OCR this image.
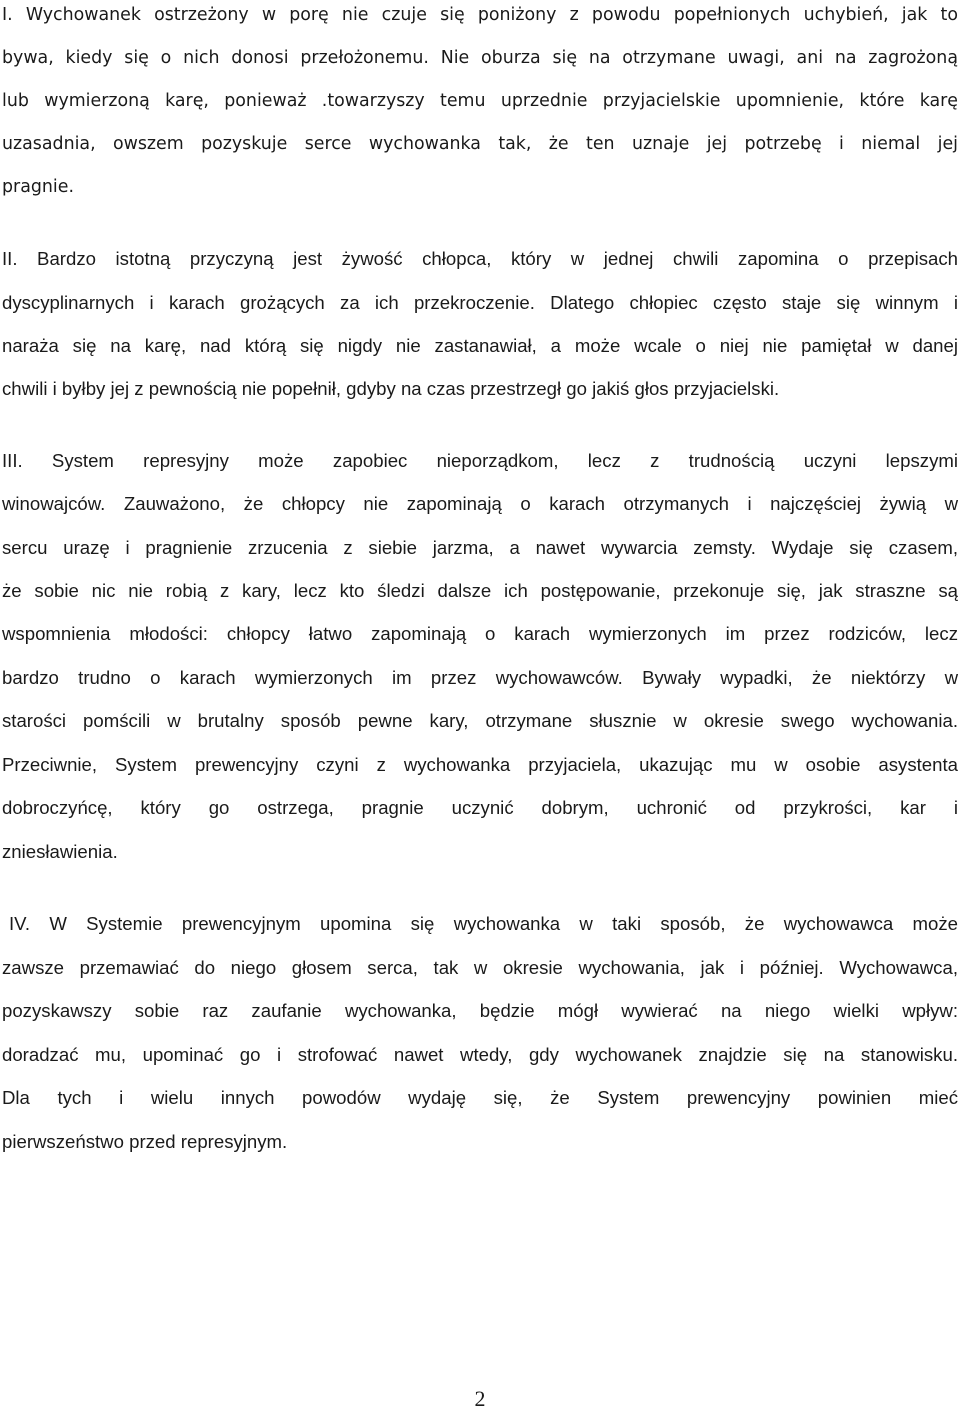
I. Wychowanek ostrzeżony w porę nie czuje się poniżony z powodu popełnionych uchybień, jak to
bywa, kiedy się o nich donosi przełożonemu. Nie oburza się na otrzymane uwagi, ani na zagrożoną
lub wymierzoną karę, ponieważ .towarzyszy temu uprzednie przyjacielskie upomnienie, które karę
uzasadnia, owszem pozyskuje serce wychowanka tak, że ten uznaje jej potrzebę i niemal jej
pragnie.
II. Bardzo istotną przyczyną jest żywość chłopca, który w jednej chwili zapomina o przepisach
dyscyplinarnych i karach grożących za ich przekroczenie. Dlatego chłopiec często staje się winnym i
naraża się na karę, nad którą się nigdy nie zastanawiał, a może wcale o niej nie pamiętał w danej
chwili i byłby jej z pewnością nie popełnił, gdyby na czas przestrzegł go jakiś głos przyjacielski.
III. System represyjny może zapobiec nieporządkom, lecz z trudnością uczyni lepszymi
winowajców. Zauważono, że chłopcy nie zapominają o karach otrzymanych i najczęściej żywią w
sercu urazę i pragnienie zrzucenia z siebie jarzma, a nawet wywarcia zemsty. Wydaje się czasem,
że sobie nic nie robią z kary, lecz kto śledzi dalsze ich postępowanie, przekonuje się, jak straszne są
wspomnienia młodości: chłopcy łatwo zapominają o karach wymierzonych im przez rodziców, lecz
bardzo trudno o karach wymierzonych im przez wychowawców. Bywały wypadki, że niektórzy w
starości pomścili w brutalny sposób pewne kary, otrzymane słusznie w okresie swego wychowania.
Przeciwnie, System prewencyjny czyni z wychowanka przyjaciela, ukazując mu w osobie asystenta
dobroczyńcę, który go ostrzega, pragnie uczynić dobrym, uchronić od przykrości, kar i
zniesławienia.
IV. W Systemie prewencyjnym upomina się wychowanka w taki sposób, że wychowawca może
zawsze przemawiać do niego głosem serca, tak w okresie wychowania, jak i później. Wychowawca,
pozyskawszy sobie raz zaufanie wychowanka, będzie mógł wywierać na niego wielki wpływ:
doradzać mu, upominać go i strofować nawet wtedy, gdy wychowanek znajdzie się na stanowisku.
Dla tych i wielu innych powodów wydaję się, że System prewencyjny powinien mieć
pierwszeństwo przed represyjnym.
2
